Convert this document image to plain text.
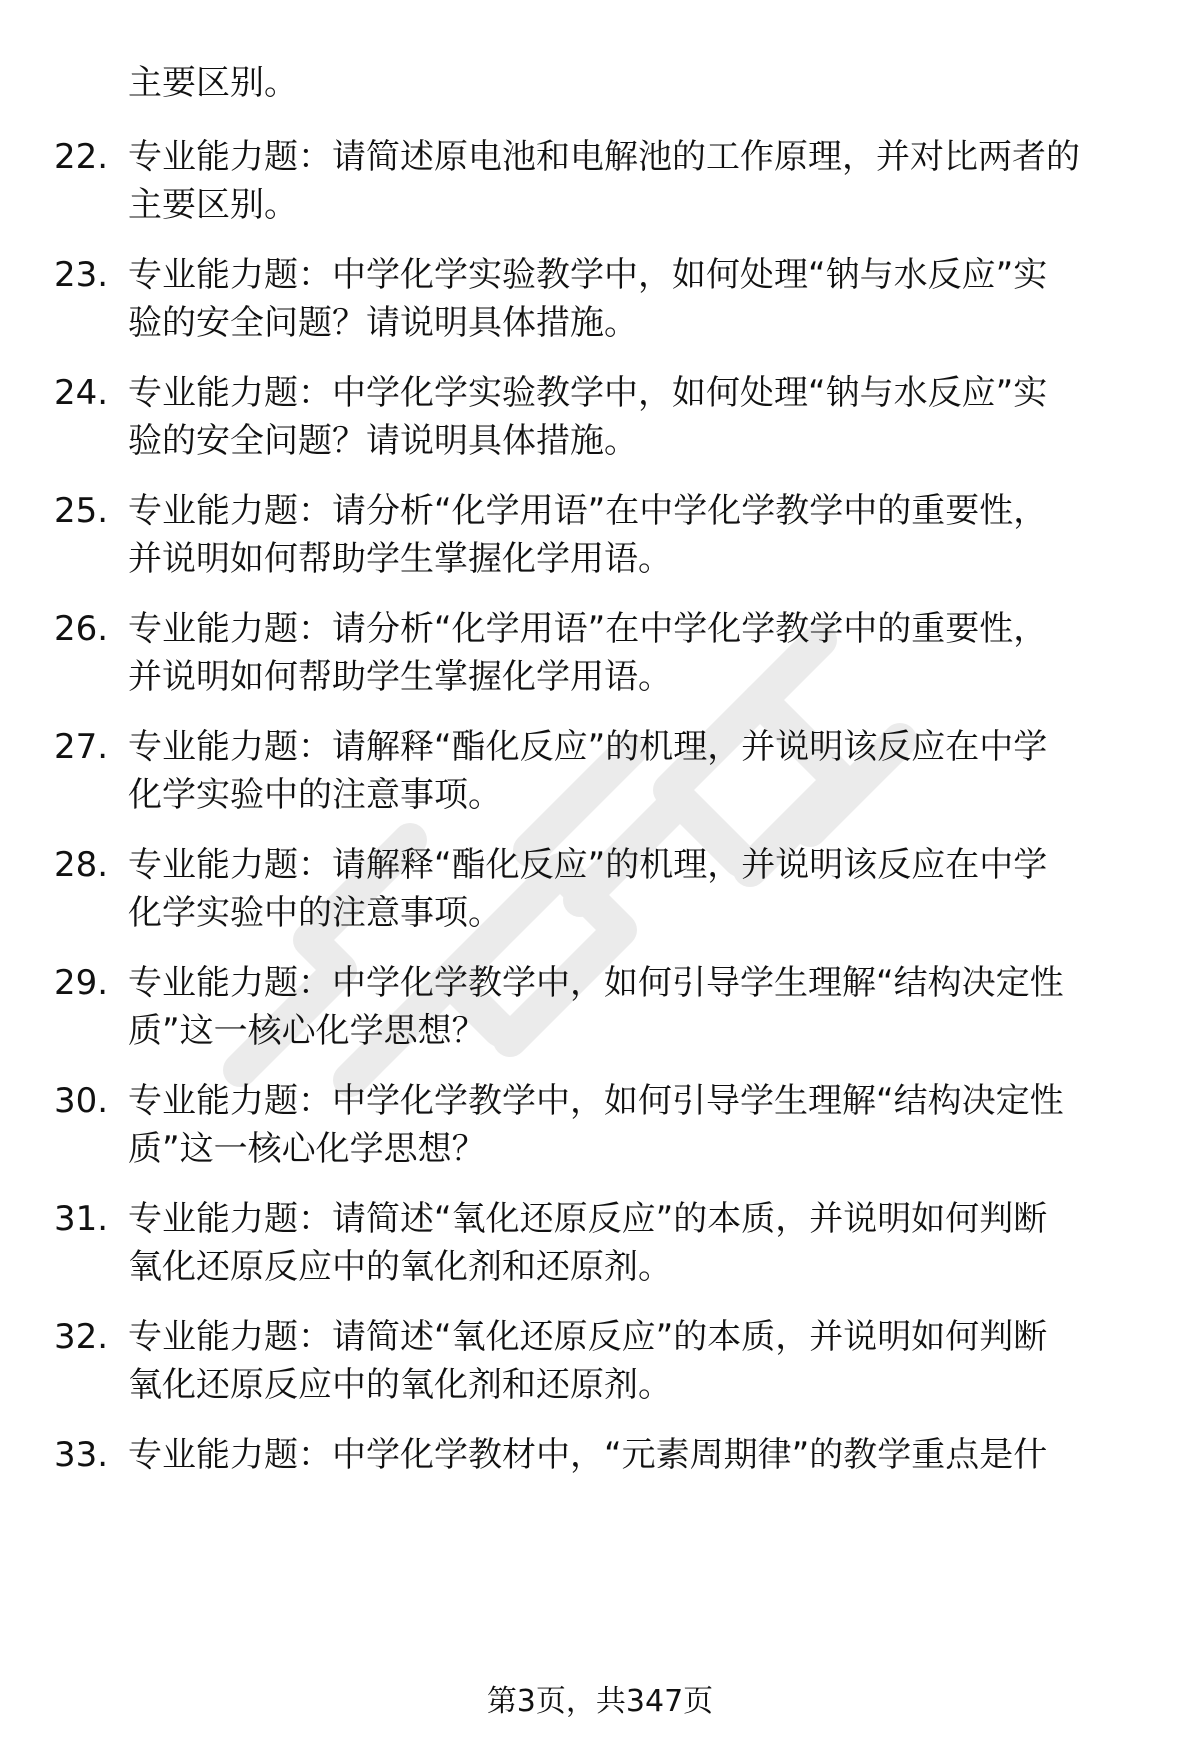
主要区别。
22. 专业能力题：请简述原电池和电解池的工作原理，并对比两者的
主要区别。
23. 专业能力题：中学化学实验教学中，如何处理“钠与水反应”实
验的安全问题？请说明具体措施。
24. 专业能力题：中学化学实验教学中，如何处理“钠与水反应”实
验的安全问题？请说明具体措施。
25. 专业能力题：请分析“化学用语”在中学化学教学中的重要性，
并说明如何帮助学生掌握化学用语。
26. 专业能力题：请分析“化学用语”在中学化学教学中的重要性，
并说明如何帮助学生掌握化学用语。
27. 专业能力题：请解释“酯化反应”的机理，并说明该反应在中学
化学实验中的注意事项。
28. 专业能力题：请解释“酯化反应”的机理，并说明该反应在中学
化学实验中的注意事项。
29. 专业能力题：中学化学教学中，如何引导学生理解“结构决定性
质”这一核心化学思想？
30. 专业能力题：中学化学教学中，如何引导学生理解“结构决定性
质”这一核心化学思想？
31. 专业能力题：请简述“氧化还原反应”的本质，并说明如何判断
氧化还原反应中的氧化剂和还原剂。
32. 专业能力题：请简述“氧化还原反应”的本质，并说明如何判断
氧化还原反应中的氧化剂和还原剂。
33. 专业能力题：中学化学教材中，“元素周期律”的教学重点是什
第3页，共347页
